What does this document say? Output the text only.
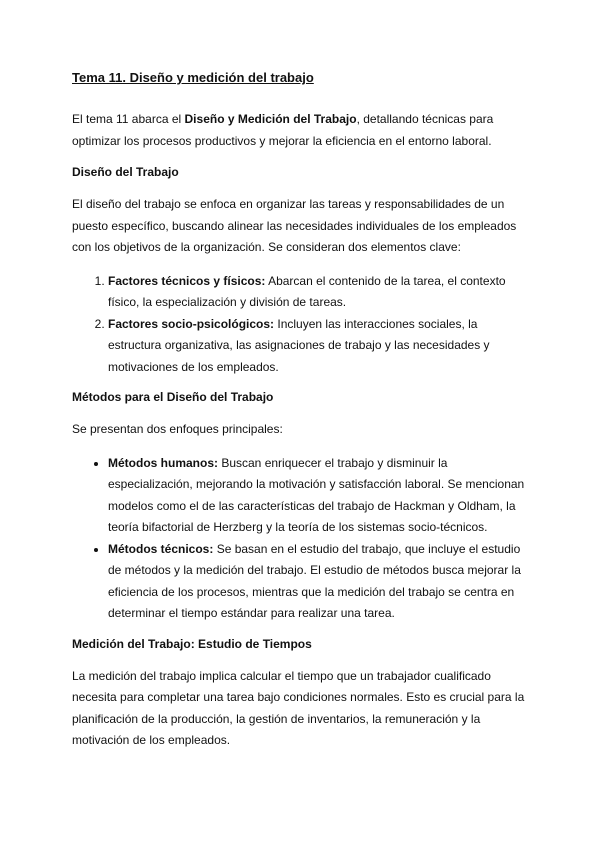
Tema 11. Diseño y medición del trabajo

El tema 11 abarca el Diseño y Medición del Trabajo, detallando técnicas para optimizar los procesos productivos y mejorar la eficiencia en el entorno laboral.

Diseño del Trabajo

El diseño del trabajo se enfoca en organizar las tareas y responsabilidades de un puesto específico, buscando alinear las necesidades individuales de los empleados con los objetivos de la organización. Se consideran dos elementos clave:

1. Factores técnicos y físicos: Abarcan el contenido de la tarea, el contexto físico, la especialización y división de tareas.
2. Factores socio-psicológicos: Incluyen las interacciones sociales, la estructura organizativa, las asignaciones de trabajo y las necesidades y motivaciones de los empleados.
Métodos para el Diseño del Trabajo

Se presentan dos enfoques principales:

• Métodos humanos: Buscan enriquecer el trabajo y disminuir la especialización, mejorando la motivación y satisfacción laboral. Se mencionan modelos como el de las características del trabajo de Hackman y Oldham, la teoría bifactorial de Herzberg y la teoría de los sistemas socio-técnicos.
• Métodos técnicos: Se basan en el estudio del trabajo, que incluye el estudio de métodos y la medición del trabajo. El estudio de métodos busca mejorar la eficiencia de los procesos, mientras que la medición del trabajo se centra en determinar el tiempo estándar para realizar una tarea.
Medición del Trabajo: Estudio de Tiempos

La medición del trabajo implica calcular el tiempo que un trabajador cualificado necesita para completar una tarea bajo condiciones normales. Esto es crucial para la planificación de la producción, la gestión de inventarios, la remuneración y la motivación de los empleados.
